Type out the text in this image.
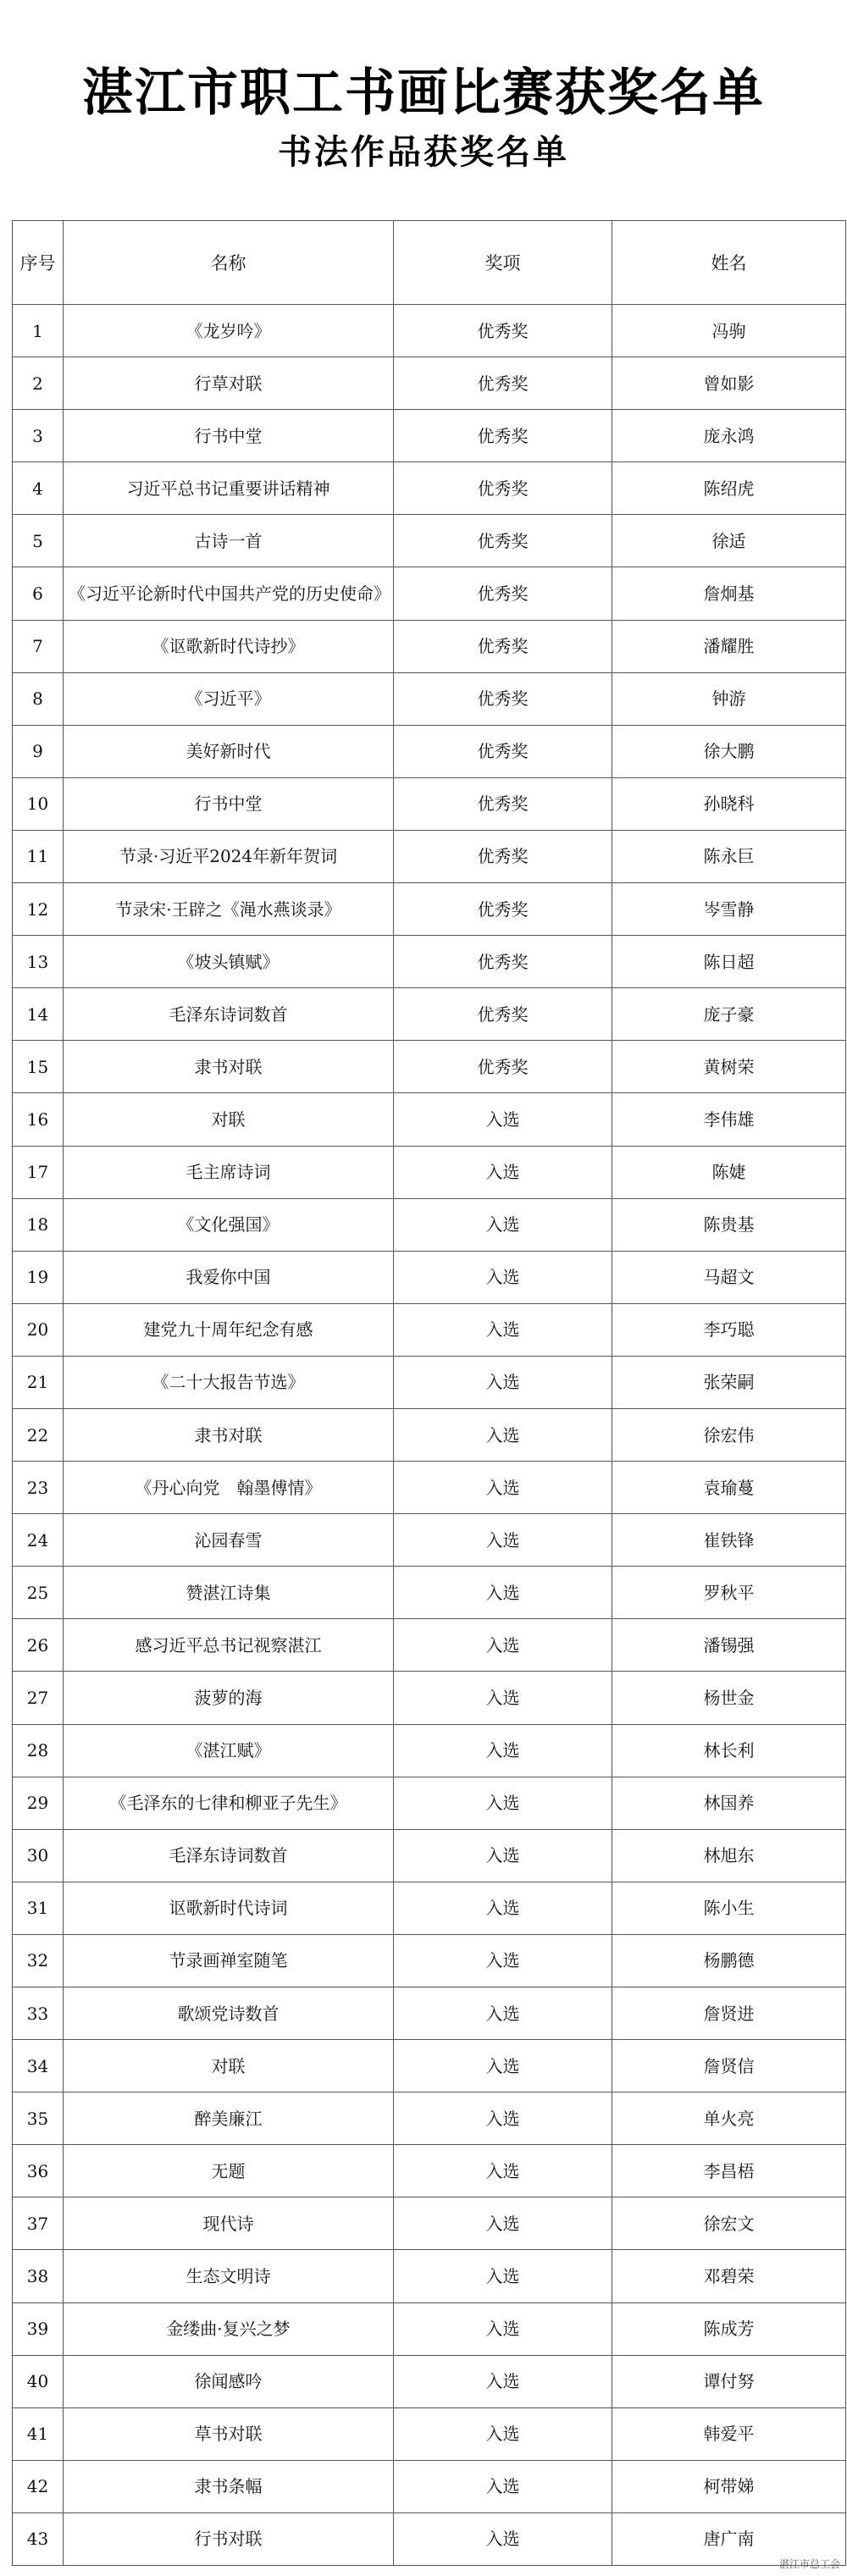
湛江市职工书画比赛获奖名单
书法作品获奖名单
序号	名称	奖项	姓名
1	《龙岁吟》	优秀奖	冯驹
2	行草对联	优秀奖	曾如影
3	行书中堂	优秀奖	庞永鸿
4	习近平总书记重要讲话精神	优秀奖	陈绍虎
5	古诗一首	优秀奖	徐适
6	《习近平论新时代中国共产党的历史使命》	优秀奖	詹炯基
7	《讴歌新时代诗抄》	优秀奖	潘耀胜
8	《习近平》	优秀奖	钟游
9	美好新时代	优秀奖	徐大鹏
10	行书中堂	优秀奖	孙晓科
11	节录·习近平2024年新年贺词	优秀奖	陈永巨
12	节录宋·王辟之《渑水燕谈录》	优秀奖	岑雪静
13	《坡头镇赋》	优秀奖	陈日超
14	毛泽东诗词数首	优秀奖	庞子豪
15	隶书对联	优秀奖	黄树荣
16	对联	入选	李伟雄
17	毛主席诗词	入选	陈婕
18	《文化强国》	入选	陈贵基
19	我爱你中国	入选	马超文
20	建党九十周年纪念有感	入选	李巧聪
21	《二十大报告节选》	入选	张荣嗣
22	隶书对联	入选	徐宏伟
23	《丹心向党　翰墨傅情》	入选	袁瑜蔓
24	沁园春雪	入选	崔铁锋
25	赞湛江诗集	入选	罗秋平
26	感习近平总书记视察湛江	入选	潘锡强
27	菠萝的海	入选	杨世金
28	《湛江赋》	入选	林长利
29	《毛泽东的七律和柳亚子先生》	入选	林国养
30	毛泽东诗词数首	入选	林旭东
31	讴歌新时代诗词	入选	陈小生
32	节录画禅室随笔	入选	杨鹏德
33	歌颂党诗数首	入选	詹贤进
34	对联	入选	詹贤信
35	醉美廉江	入选	单火亮
36	无题	入选	李昌梧
37	现代诗	入选	徐宏文
38	生态文明诗	入选	邓碧荣
39	金缕曲·复兴之梦	入选	陈成芳
40	徐闻感吟	入选	谭付努
41	草书对联	入选	韩爱平
42	隶书条幅	入选	柯带娣
43	行书对联	入选	唐广南
湛江市总工会
